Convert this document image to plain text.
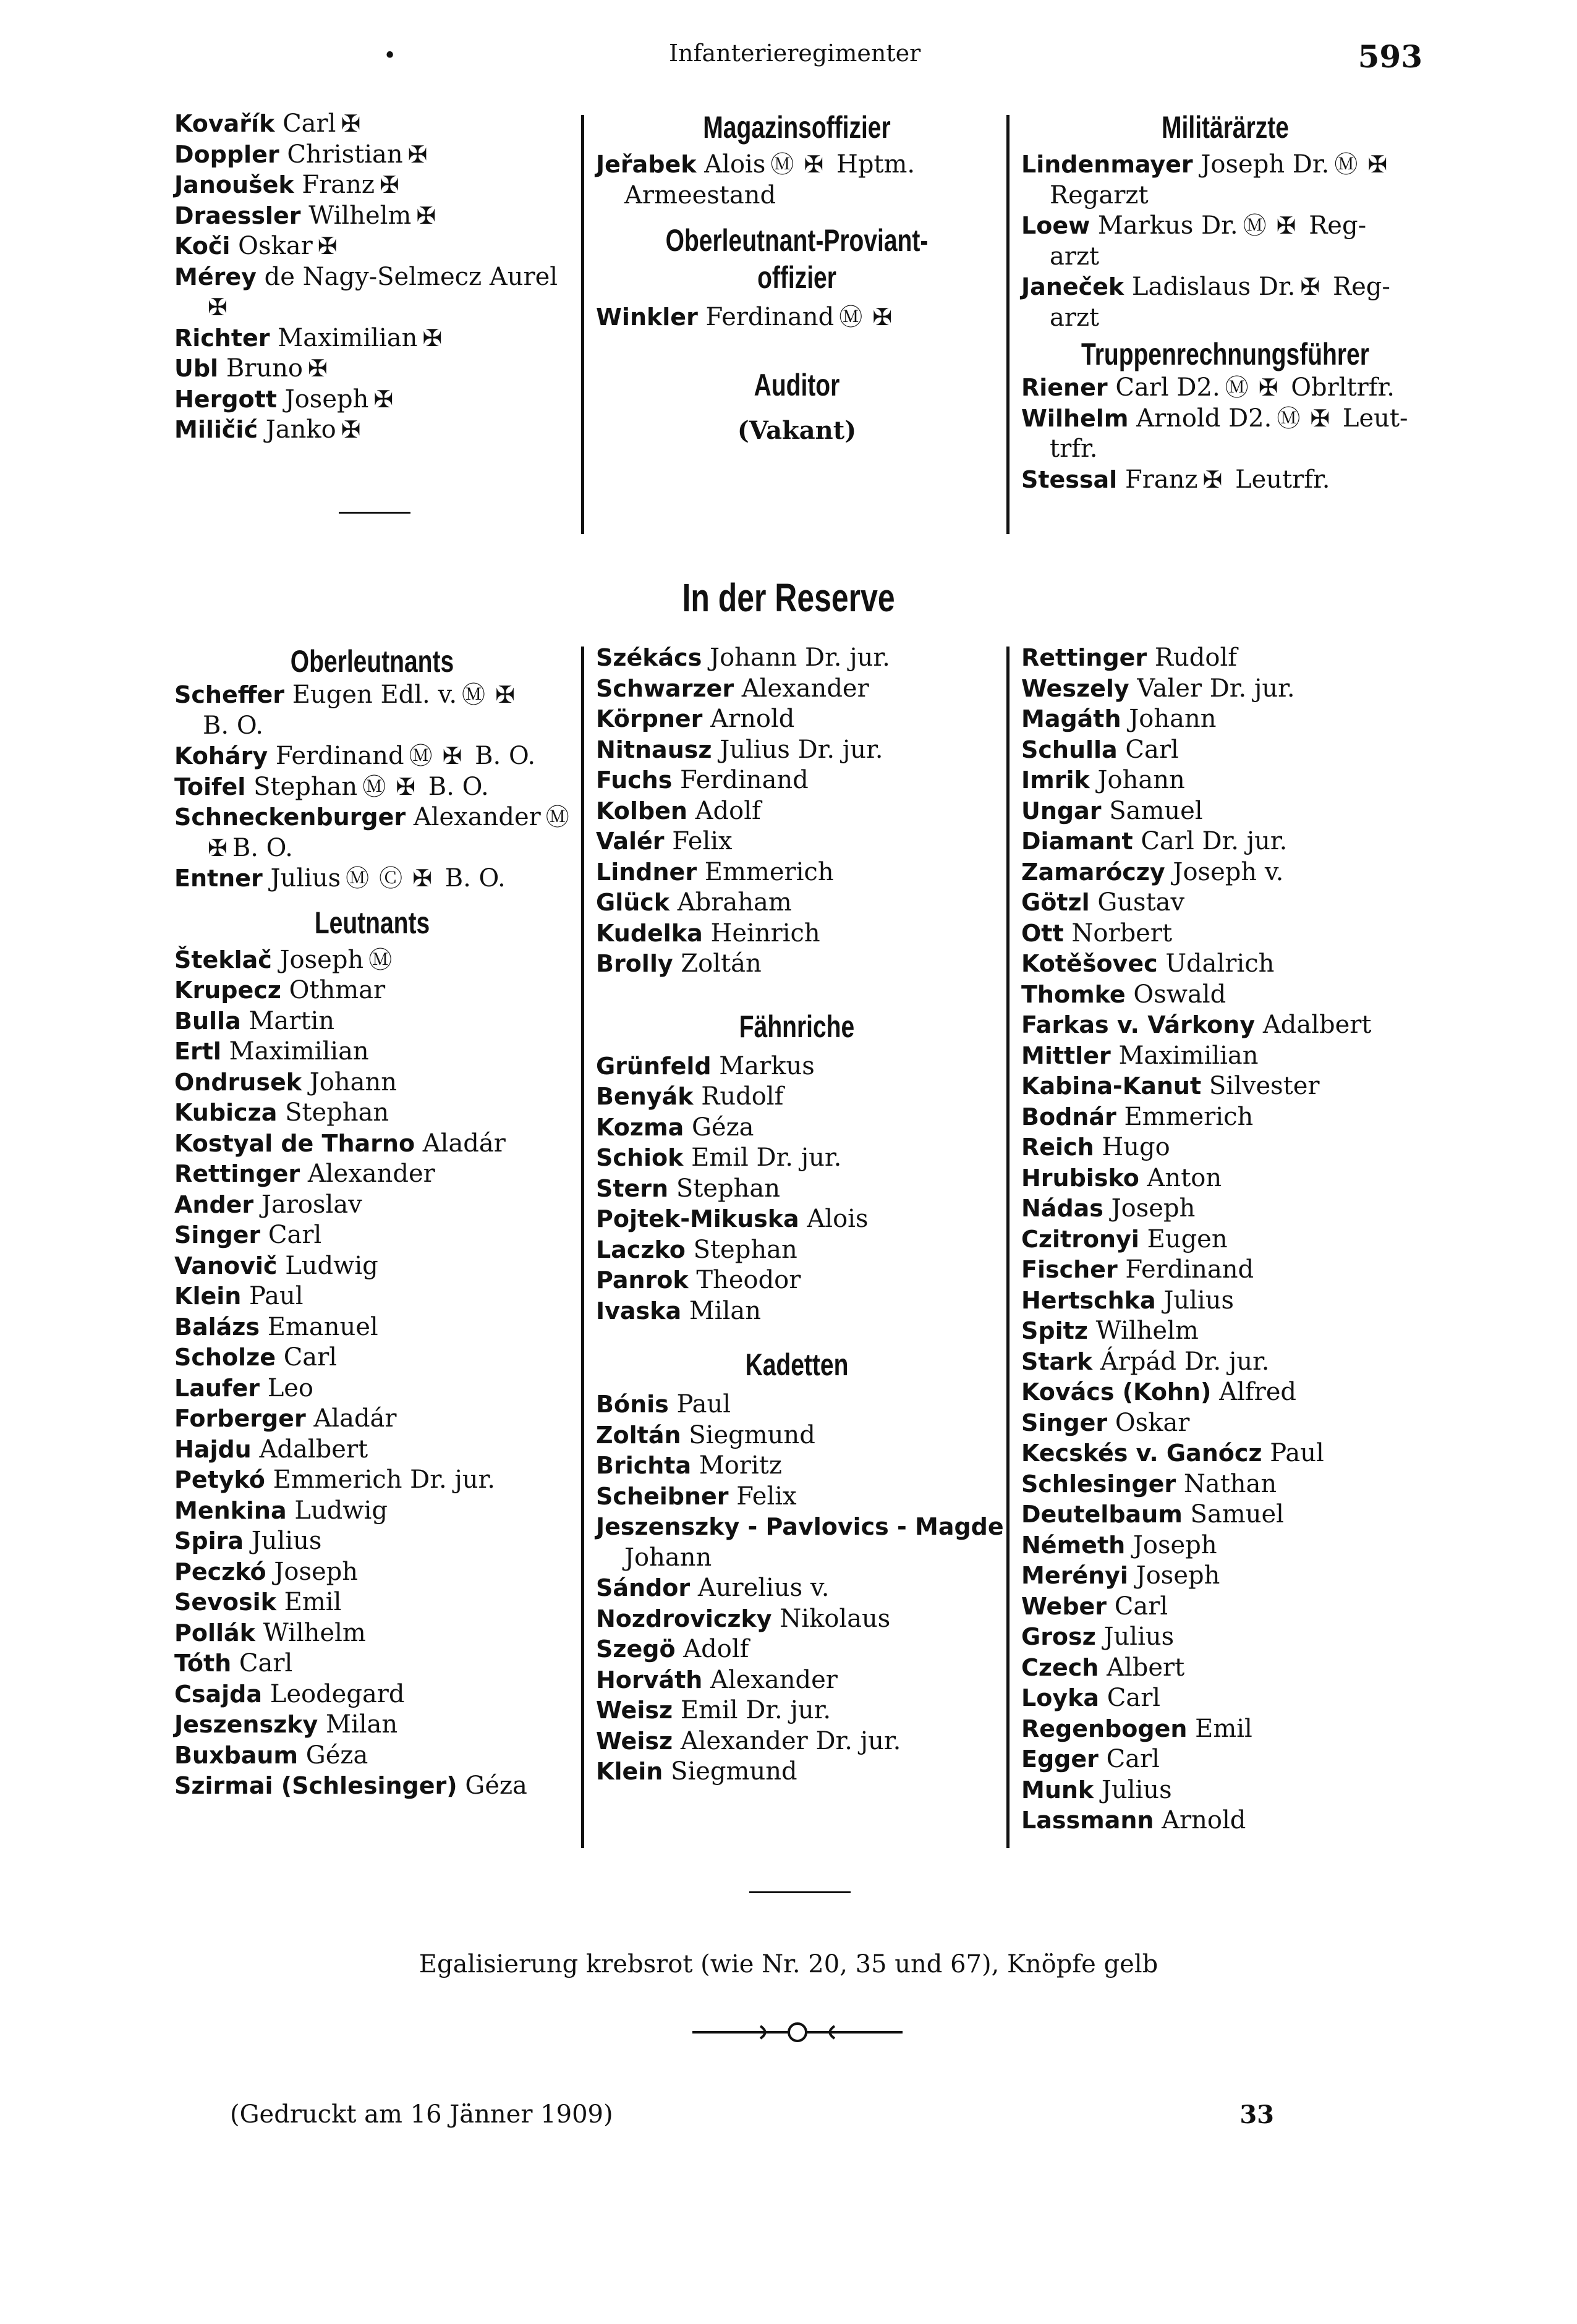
•	Infanterieregimenter	593
Kovařík Carl ✠
Doppler Christian ✠
Janoušek Franz ✠
Draessler Wilhelm ✠
Koči Oskar ✠
Mérey de Nagy-Selmecz Aurel
✠
Richter Maximilian ✠
Ubl Bruno ✠
Hergott Joseph ✠
Miličić Janko ✠
Magazinsoffizier
Jeřabek Alois Ⓜ ✠ Hptm.
Armeestand
Oberleutnant-Proviant-
offizier
Winkler Ferdinand Ⓜ ✠
Auditor
(Vakant)
Militärärzte
Lindenmayer Joseph Dr. Ⓜ ✠
Regarzt
Loew Markus Dr. Ⓜ ✠ Reg-
arzt
Janeček Ladislaus Dr. ✠ Reg-
arzt
Truppenrechnungsführer
Riener Carl D2. Ⓜ ✠ Obrltrfr.
Wilhelm Arnold D2. Ⓜ ✠ Leut-
trfr.
Stessal Franz ✠ Leutrfr.
In der Reserve
Oberleutnants
Scheffer Eugen Edl. v. Ⓜ ✠
B. O.
Koháry Ferdinand Ⓜ ✠ B. O.
Toifel Stephan Ⓜ ✠ B. O.
Schneckenburger Alexander Ⓜ
✠ B. O.
Entner Julius Ⓜ Ⓒ ✠ B. O.
Leutnants
Šteklač Joseph Ⓜ
Krupecz Othmar
Bulla Martin
Ertl Maximilian
Ondrusek Johann
Kubicza Stephan
Kostyal de Tharno Aladár
Rettinger Alexander
Ander Jaroslav
Singer Carl
Vanovič Ludwig
Klein Paul
Balázs Emanuel
Scholze Carl
Laufer Leo
Forberger Aladár
Hajdu Adalbert
Petykó Emmerich Dr. jur.
Menkina Ludwig
Spira Julius
Peczkó Joseph
Sevosik Emil
Pollák Wilhelm
Tóth Carl
Csajda Leodegard
Jeszenszky Milan
Buxbaum Géza
Szirmai (Schlesinger) Géza
Székács Johann Dr. jur.
Schwarzer Alexander
Körpner Arnold
Nitnausz Julius Dr. jur.
Fuchs Ferdinand
Kolben Adolf
Valér Felix
Lindner Emmerich
Glück Abraham
Kudelka Heinrich
Brolly Zoltán
Fähnriche
Grünfeld Markus
Benyák Rudolf
Kozma Géza
Schiok Emil Dr. jur.
Stern Stephan
Pojtek-Mikuska Alois
Laczko Stephan
Panrok Theodor
Ivaska Milan
Kadetten
Bónis Paul
Zoltán Siegmund
Brichta Moritz
Scheibner Felix
Jeszenszky - Pavlovics - Magde
Johann
Sándor Aurelius v.
Nozdroviczky Nikolaus
Szegö Adolf
Horváth Alexander
Weisz Emil Dr. jur.
Weisz Alexander Dr. jur.
Klein Siegmund
Rettinger Rudolf
Weszely Valer Dr. jur.
Magáth Johann
Schulla Carl
Imrik Johann
Ungar Samuel
Diamant Carl Dr. jur.
Zamaróczy Joseph v.
Götzl Gustav
Ott Norbert
Kotěšovec Udalrich
Thomke Oswald
Farkas v. Várkony Adalbert
Mittler Maximilian
Kabina-Kanut Silvester
Bodnár Emmerich
Reich Hugo
Hrubisko Anton
Nádas Joseph
Czitronyi Eugen
Fischer Ferdinand
Hertschka Julius
Spitz Wilhelm
Stark Árpád Dr. jur.
Kovács (Kohn) Alfred
Singer Oskar
Kecskés v. Ganócz Paul
Schlesinger Nathan
Deutelbaum Samuel
Németh Joseph
Merényi Joseph
Weber Carl
Grosz Julius
Czech Albert
Loyka Carl
Regenbogen Emil
Egger Carl
Munk Julius
Lassmann Arnold
Egalisierung krebsrot (wie Nr. 20, 35 und 67), Knöpfe gelb
(Gedruckt am 16 Jänner 1909)	33
